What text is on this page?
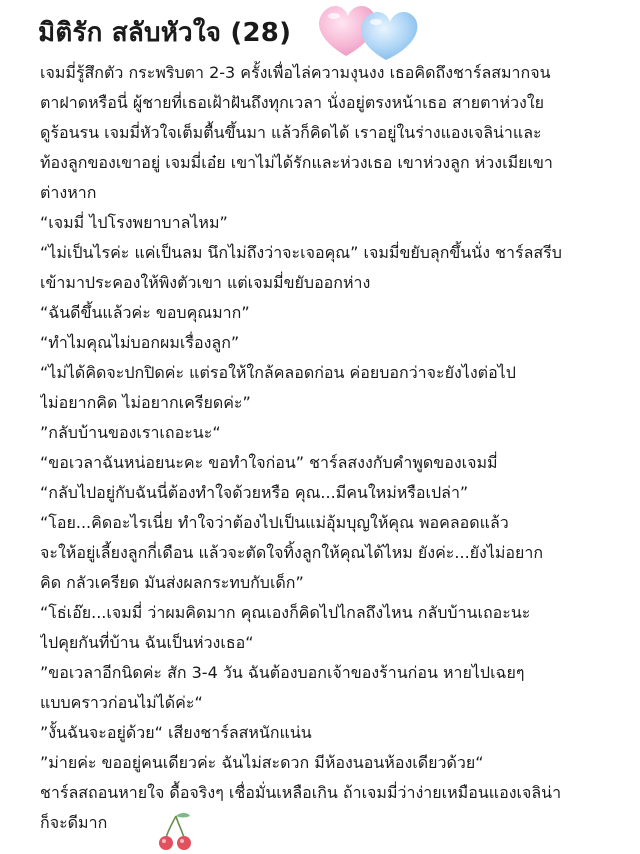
มิติรัก สลับหัวใจ (28)
เจมมี่รู้สึกตัว กระพริบตา 2-3 ครั้งเพื่อไล่ความงุนงง เธอคิดถึงชาร์ลสมากจน
ตาฝาดหรือนี่ ผู้ชายที่เธอเฝ้าฝันถึงทุกเวลา นั่งอยู่ตรงหน้าเธอ สายตาห่วงใย
ดูร้อนรน เจมมี่หัวใจเต็มตื้นขึ้นมา แล้วก็คิดได้ เราอยู่ในร่างแองเจลิน่าและ
ท้องลูกของเขาอยู่ เจมมี่เอ๋ย เขาไม่ได้รักและห่วงเธอ เขาห่วงลูก ห่วงเมียเขา
ต่างหาก
“เจมมี่ ไปโรงพยาบาลไหม”
“ไม่เป็นไรค่ะ แค่เป็นลม นึกไม่ถึงว่าจะเจอคุณ” เจมมี่ขยับลุกขึ้นนั่ง ชาร์ลสรีบ
เข้ามาประคองให้พิงตัวเขา แต่เจมมี่ขยับออกห่าง
“ฉันดีขึ้นแล้วค่ะ ขอบคุณมาก”
“ทำไมคุณไม่บอกผมเรื่องลูก”
“ไม่ได้คิดจะปกปิดค่ะ แต่รอให้ใกล้คลอดก่อน ค่อยบอกว่าจะยังไงต่อไป
ไม่อยากคิด ไม่อยากเครียดค่ะ”
”กลับบ้านของเราเถอะนะ“
“ขอเวลาฉันหน่อยนะคะ ขอทำใจก่อน” ชาร์ลสงงกับคำพูดของเจมมี่
“กลับไปอยู่กับฉันนี่ต้องทำใจด้วยหรือ คุณ...มีคนใหม่หรือเปล่า”
“โอย...คิดอะไรเนี่ย ทำใจว่าต้องไปเป็นแม่อุ้มบุญให้คุณ พอคลอดแล้ว
จะให้อยู่เลี้ยงลูกกี่เดือน แล้วจะตัดใจทิ้งลูกให้คุณได้ไหม ยังค่ะ...ยังไม่อยาก
คิด กลัวเครียด มันส่งผลกระทบกับเด็ก”
“โธ่เอ๊ย...เจมมี่ ว่าผมคิดมาก คุณเองก็คิดไปไกลถึงไหน กลับบ้านเถอะนะ
ไปคุยกันที่บ้าน ฉันเป็นห่วงเธอ“
”ขอเวลาอีกนิดค่ะ สัก 3-4 วัน ฉันต้องบอกเจ้าของร้านก่อน หายไปเฉยๆ
แบบคราวก่อนไม่ได้ค่ะ“
”งั้นฉันจะอยู่ด้วย“ เสียงชาร์ลสหนักแน่น
”ม่ายค่ะ ขออยู่คนเดียวค่ะ ฉันไม่สะดวก มีห้องนอนห้องเดียวด้วย“
ชาร์ลสถอนหายใจ ดื้อจริงๆ เชื่อมั่นเหลือเกิน ถ้าเจมมี่ว่าง่ายเหมือนแองเจลิน่า
ก็จะดีมาก
